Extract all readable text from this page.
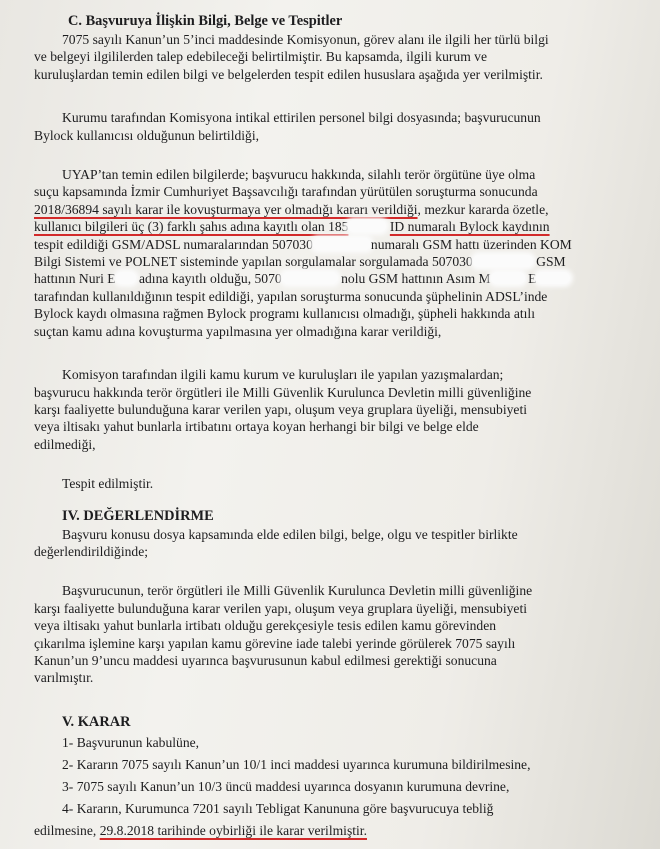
C. Başvuruya İlişkin Bilgi, Belge ve Tespitler
7075 sayılı Kanun’un 5’inci maddesinde Komisyonun, görev alanı ile ilgili her türlü bilgi
ve belgeyi ilgililerden talep edebileceği belirtilmiştir. Bu kapsamda, ilgili kurum ve
kuruluşlardan temin edilen bilgi ve belgelerden tespit edilen hususlara aşağıda yer verilmiştir.
Kurumu tarafından Komisyona intikal ettirilen personel bilgi dosyasında; başvurucunun
Bylock kullanıcısı olduğunun belirtildiği,
UYAP’tan temin edilen bilgilerde; başvurucu hakkında, silahlı terör örgütüne üye olma
suçu kapsamında İzmir Cumhuriyet Başsavcılığı tarafından yürütülen soruşturma sonucunda
2018/36894 sayılı karar ile kovuşturmaya yer olmadığı kararı verildiği, mezkur kararda özetle,
kullanıcı bilgileri üç (3) farklı şahıs adına kayıtlı olan 185	ID numaralı Bylock kaydının
tespit edildiği GSM/ADSL numaralarından 507030	numaralı GSM hattı üzerinden KOM
Bilgi Sistemi ve POLNET sisteminde yapılan sorgulamalar sorgulamada 507030	GSM
hattının Nuri E adına kayıtlı olduğu, 5070	nolu GSM hattının Asım M	E
tarafından kullanıldığının tespit edildiği, yapılan soruşturma sonucunda şüphelinin ADSL’inde
Bylock kaydı olmasına rağmen Bylock programı kullanıcısı olmadığı, şüpheli hakkında atılı
suçtan kamu adına kovuşturma yapılmasına yer olmadığına karar verildiği,
Komisyon tarafından ilgili kamu kurum ve kuruluşları ile yapılan yazışmalardan;
başvurucu hakkında terör örgütleri ile Milli Güvenlik Kurulunca Devletin milli güvenliğine
karşı faaliyette bulunduğuna karar verilen yapı, oluşum veya gruplara üyeliği, mensubiyeti
veya iltisakı yahut bunlarla irtibatını ortaya koyan herhangi bir bilgi ve belge elde
edilmediği,
Tespit edilmiştir.
IV. DEĞERLENDİRME
Başvuru konusu dosya kapsamında elde edilen bilgi, belge, olgu ve tespitler birlikte
değerlendirildiğinde;
Başvurucunun, terör örgütleri ile Milli Güvenlik Kurulunca Devletin milli güvenliğine
karşı faaliyette bulunduğuna karar verilen yapı, oluşum veya gruplara üyeliği, mensubiyeti
veya iltisakı yahut bunlarla irtibatı olduğu gerekçesiyle tesis edilen kamu görevinden
çıkarılma işlemine karşı yapılan kamu görevine iade talebi yerinde görülerek 7075 sayılı
Kanun’un 9’uncu maddesi uyarınca başvurusunun kabul edilmesi gerektiği sonucuna
varılmıştır.
V. KARAR
1- Başvurunun kabulüne,
2- Kararın 7075 sayılı Kanun’un 10/1 inci maddesi uyarınca kurumuna bildirilmesine,
3- 7075 sayılı Kanun’un 10/3 üncü maddesi uyarınca dosyanın kurumuna devrine,
4- Kararın, Kurumunca 7201 sayılı Tebligat Kanununa göre başvurucuya tebliğ
edilmesine, 29.8.2018 tarihinde oybirliği ile karar verilmiştir.
